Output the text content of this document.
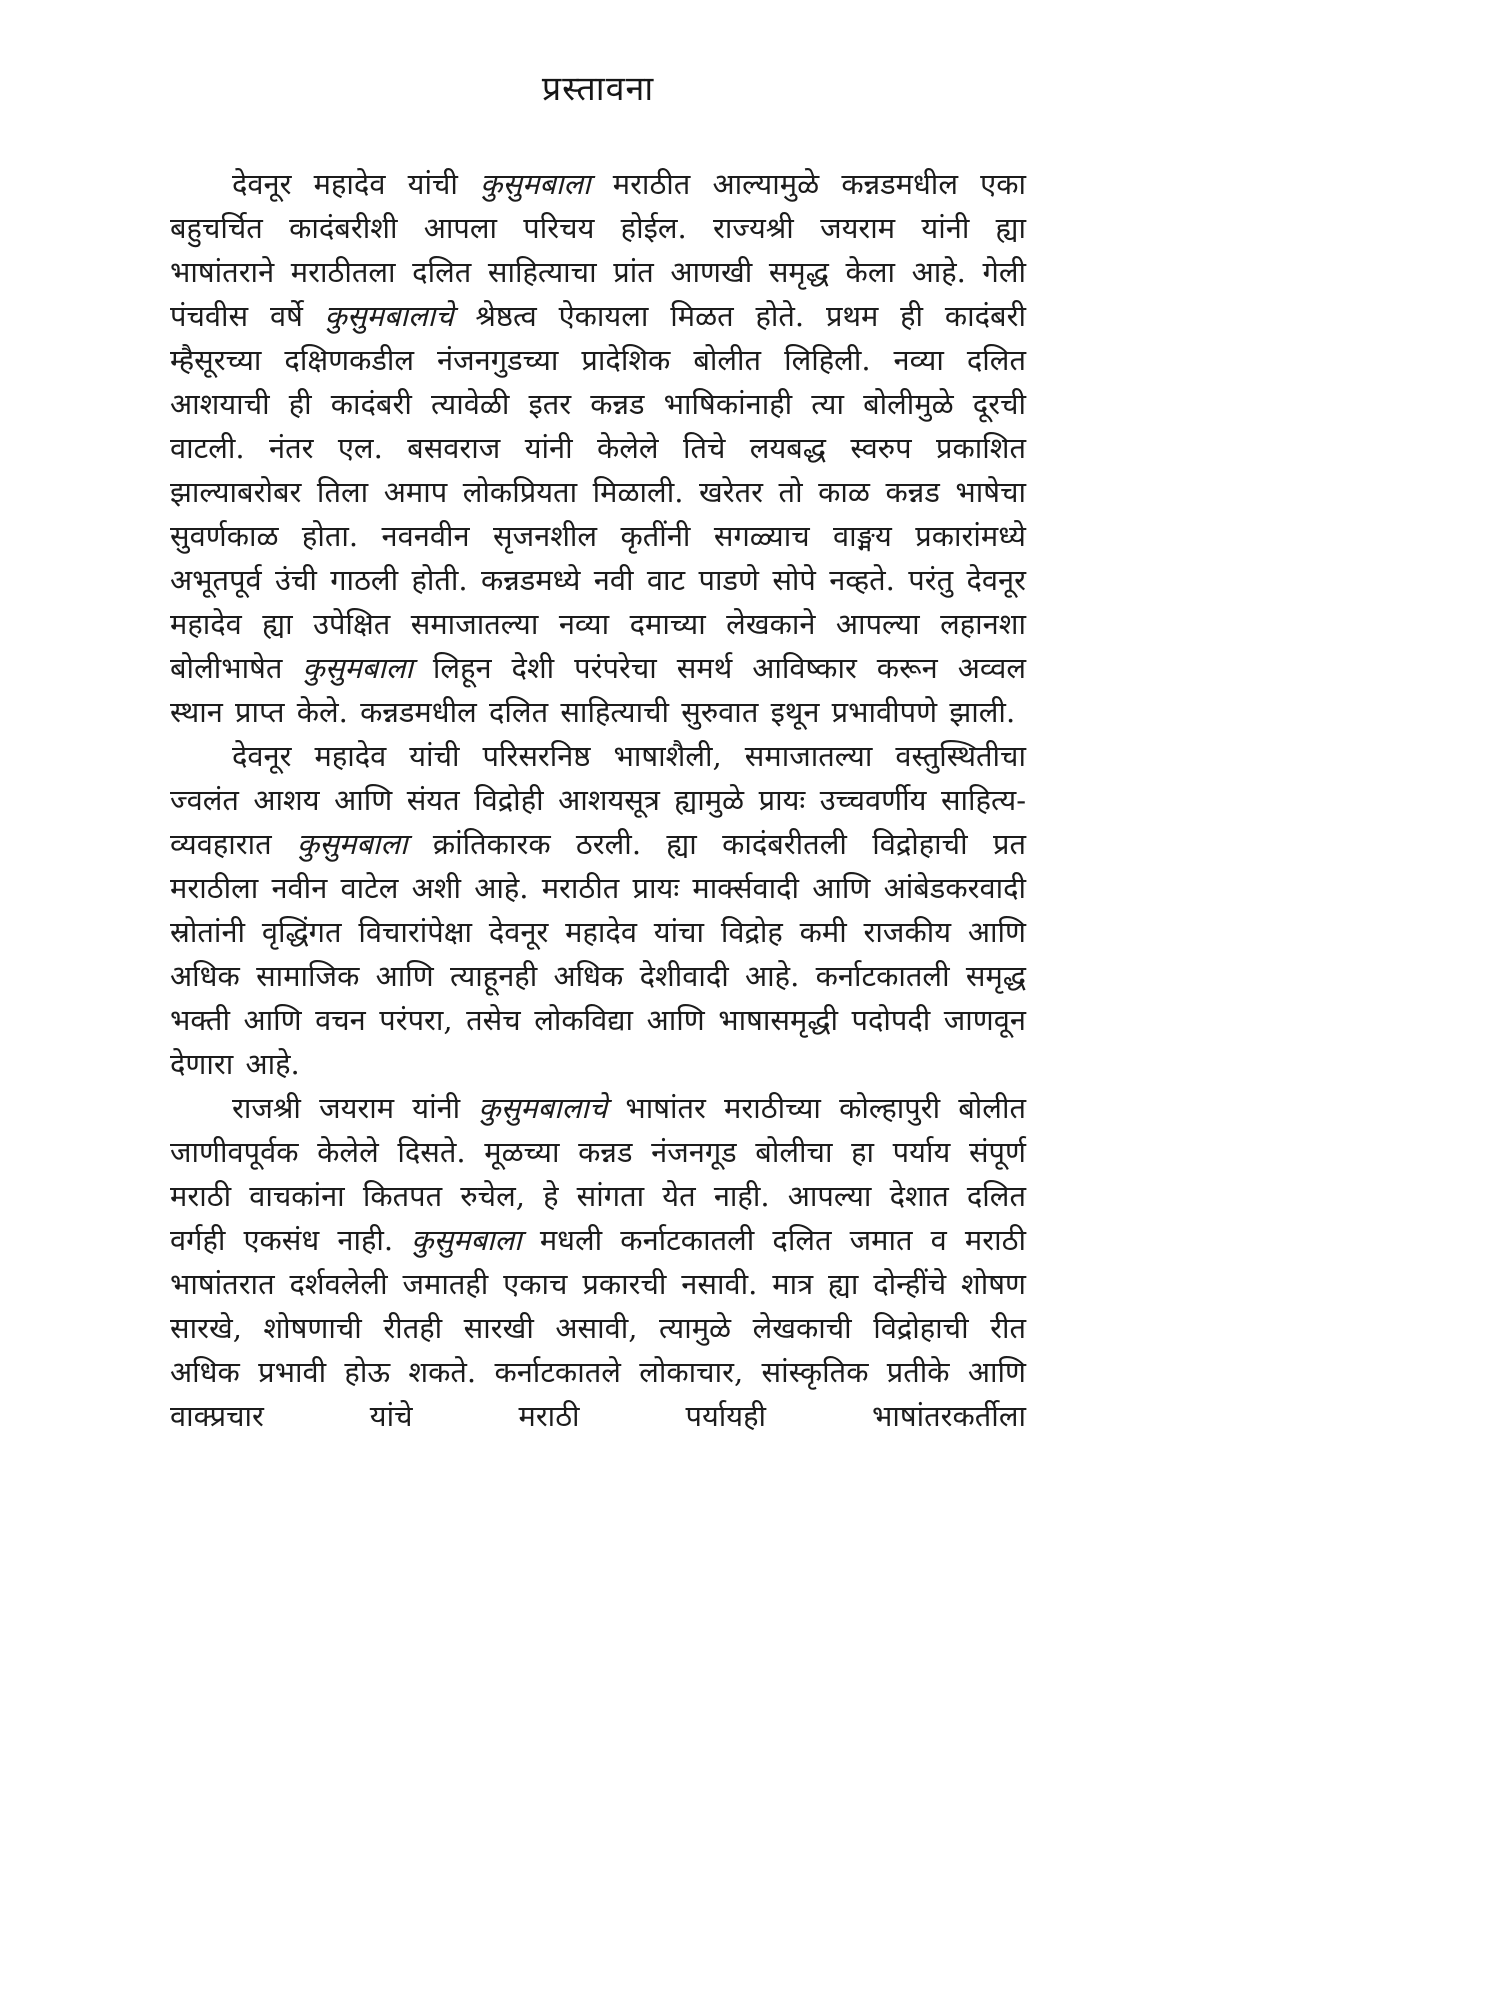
प्रस्तावना

देवनूर महादेव यांची कुसुमबाला मराठीत आल्यामुळे कन्नडमधील एका बहुचर्चित कादंबरीशी आपला परिचय होईल. राज्यश्री जयराम यांनी ह्या भाषांतराने मराठीतला दलित साहित्याचा प्रांत आणखी समृद्ध केला आहे. गेली पंचवीस वर्षे कुसुमबालाचे श्रेष्ठत्व ऐकायला मिळत होते. प्रथम ही कादंबरी म्हैसूरच्या दक्षिणकडील नंजनगुडच्या प्रादेशिक बोलीत लिहिली. नव्या दलित आशयाची ही कादंबरी त्यावेळी इतर कन्नड भाषिकांनाही त्या बोलीमुळे दूरची वाटली. नंतर एल. बसवराज यांनी केलेले तिचे लयबद्ध स्वरुप प्रकाशित झाल्याबरोबर तिला अमाप लोकप्रियता मिळाली. खरेतर तो काळ कन्नड भाषेचा सुवर्णकाळ होता. नवनवीन सृजनशील कृतींनी सगळ्याच वाङ्मय प्रकारांमध्ये अभूतपूर्व उंची गाठली होती. कन्नडमध्ये नवी वाट पाडणे सोपे नव्हते. परंतु देवनूर महादेव ह्या उपेक्षित समाजातल्या नव्या दमाच्या लेखकाने आपल्या लहानशा बोलीभाषेत कुसुमबाला लिहून देशी परंपरेचा समर्थ आविष्कार करून अव्वल स्थान प्राप्त केले. कन्नडमधील दलित साहित्याची सुरुवात इथून प्रभावीपणे झाली.

देवनूर महादेव यांची परिसरनिष्ठ भाषाशैली, समाजातल्या वस्तुस्थितीचा ज्वलंत आशय आणि संयत विद्रोही आशयसूत्र ह्यामुळे प्रायः उच्चवर्णीय साहित्य-व्यवहारात कुसुमबाला क्रांतिकारक ठरली. ह्या कादंबरीतली विद्रोहाची प्रत मराठीला नवीन वाटेल अशी आहे. मराठीत प्रायः मार्क्सवादी आणि आंबेडकरवादी स्रोतांनी वृद्धिंगत विचारांपेक्षा देवनूर महादेव यांचा विद्रोह कमी राजकीय आणि अधिक सामाजिक आणि त्याहूनही अधिक देशीवादी आहे. कर्नाटकातली समृद्ध भक्ती आणि वचन परंपरा, तसेच लोकविद्या आणि भाषासमृद्धी पदोपदी जाणवून देणारा आहे.

राजश्री जयराम यांनी कुसुमबालाचे भाषांतर मराठीच्या कोल्हापुरी बोलीत जाणीवपूर्वक केलेले दिसते. मूळच्या कन्नड नंजनगूड बोलीचा हा पर्याय संपूर्ण मराठी वाचकांना कितपत रुचेल, हे सांगता येत नाही. आपल्या देशात दलित वर्गही एकसंध नाही. कुसुमबाला मधली कर्नाटकातली दलित जमात व मराठी भाषांतरात दर्शवलेली जमातही एकाच प्रकारची नसावी. मात्र ह्या दोन्हींचे शोषण सारखे, शोषणाची रीतही सारखी असावी, त्यामुळे लेखकाची विद्रोहाची रीत अधिक प्रभावी होऊ शकते. कर्नाटकातले लोकाचार, सांस्कृतिक प्रतीके आणि वाक्प्रचार यांचे मराठी पर्यायही भाषांतरकर्तीला
